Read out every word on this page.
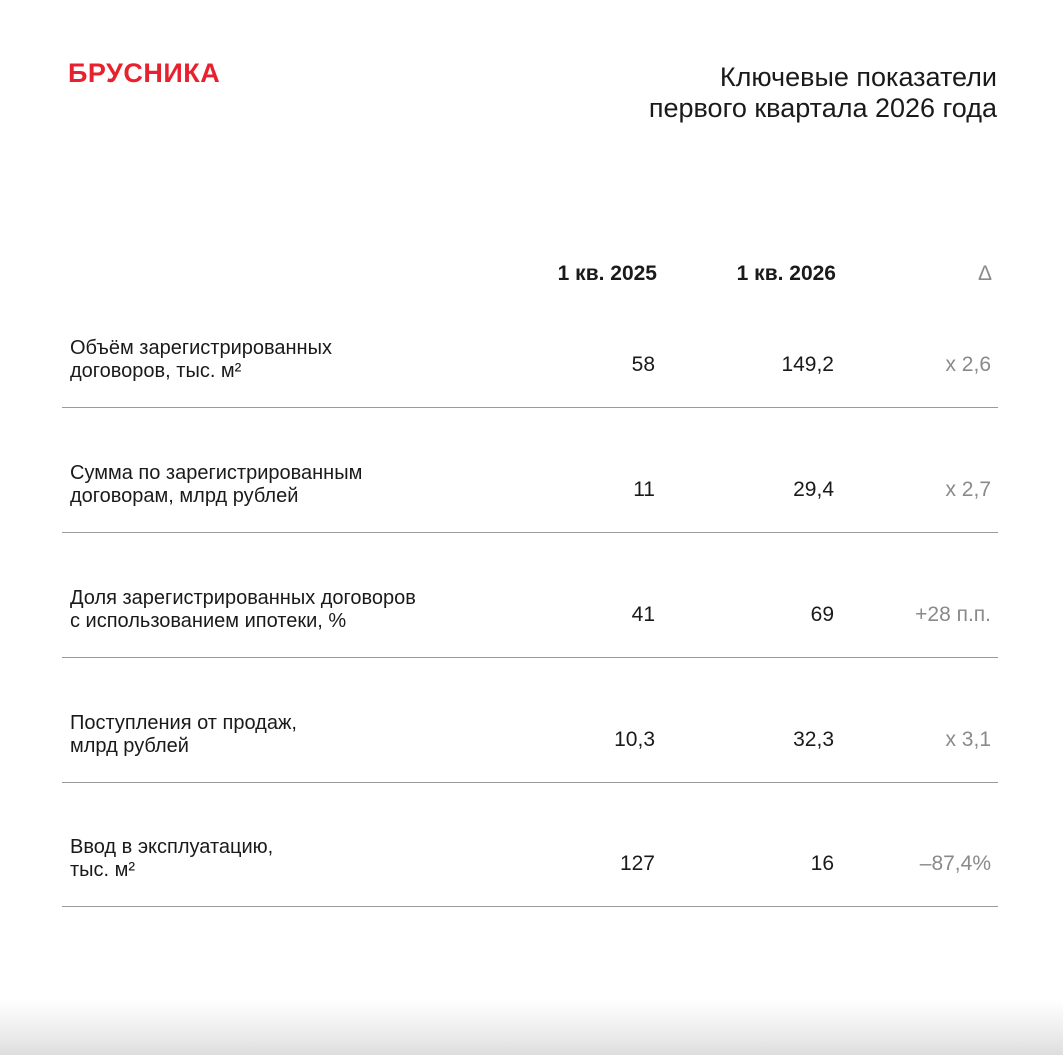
БРУСНИКА	Ключевые показатели
первого квартала 2026 года
1 кв. 2025	1 кв. 2026	Δ
Объём зарегистрированных
договоров, тыс. м²	58	149,2	х 2,6
Сумма по зарегистрированным
договорам, млрд рублей	11	29,4	х 2,7
Доля зарегистрированных договоров
с использованием ипотеки, %	41	69	+28 п.п.
Поступления от продаж,
млрд рублей	10,3	32,3	х 3,1
Ввод в эксплуатацию,
тыс. м²	127	16	–87,4%
